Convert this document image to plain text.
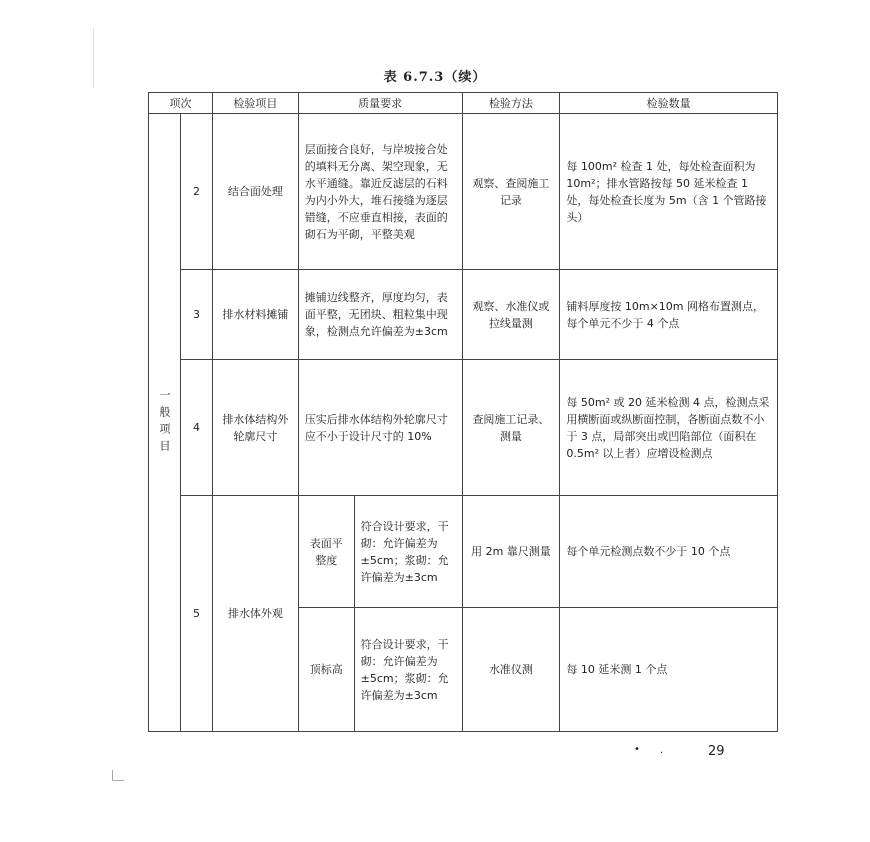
表 6.7.3（续）
项次		检验项目	质量要求		检验方法	检验数量
一般项目	2	结合面处理	层面接合良好，与岸坡接合处的填料无分离、架空现象，无水平通缝。靠近反滤层的石料为内小外大，堆石接缝为逐层错缝，不应垂直相接，表面的砌石为平砌，平整美观		观察、查阅施工记录	每 100m² 检查 1 处，每处检查面积为 10m²；排水管路按每 50 延米检查 1 处，每处检查长度为 5m（含 1 个管路接头）
	3	排水材料摊铺	摊铺边线整齐，厚度均匀，表面平整，无团块、粗粒集中现象，检测点允许偏差为±3cm		观察、水准仪或拉线量测	铺料厚度按 10m×10m 网格布置测点，每个单元不少于 4 个点
	4	排水体结构外轮廓尺寸	压实后排水体结构外轮廓尺寸应不小于设计尺寸的 10%		查阅施工记录、测量	每 50m² 或 20 延米检测 4 点，检测点采用横断面或纵断面控制，各断面点数不小于 3 点，局部突出或凹陷部位（面积在 0.5m² 以上者）应增设检测点
	5	排水体外观	表面平整度	符合设计要求，干砌：允许偏差为±5cm；浆砌：允许偏差为±3cm	用 2m 靠尺测量	每个单元检测点数不少于 10 个点
			顶标高	符合设计要求，干砌：允许偏差为±5cm；浆砌：允许偏差为±3cm	水准仪测	每 10 延米测 1 个点
• ·	29
